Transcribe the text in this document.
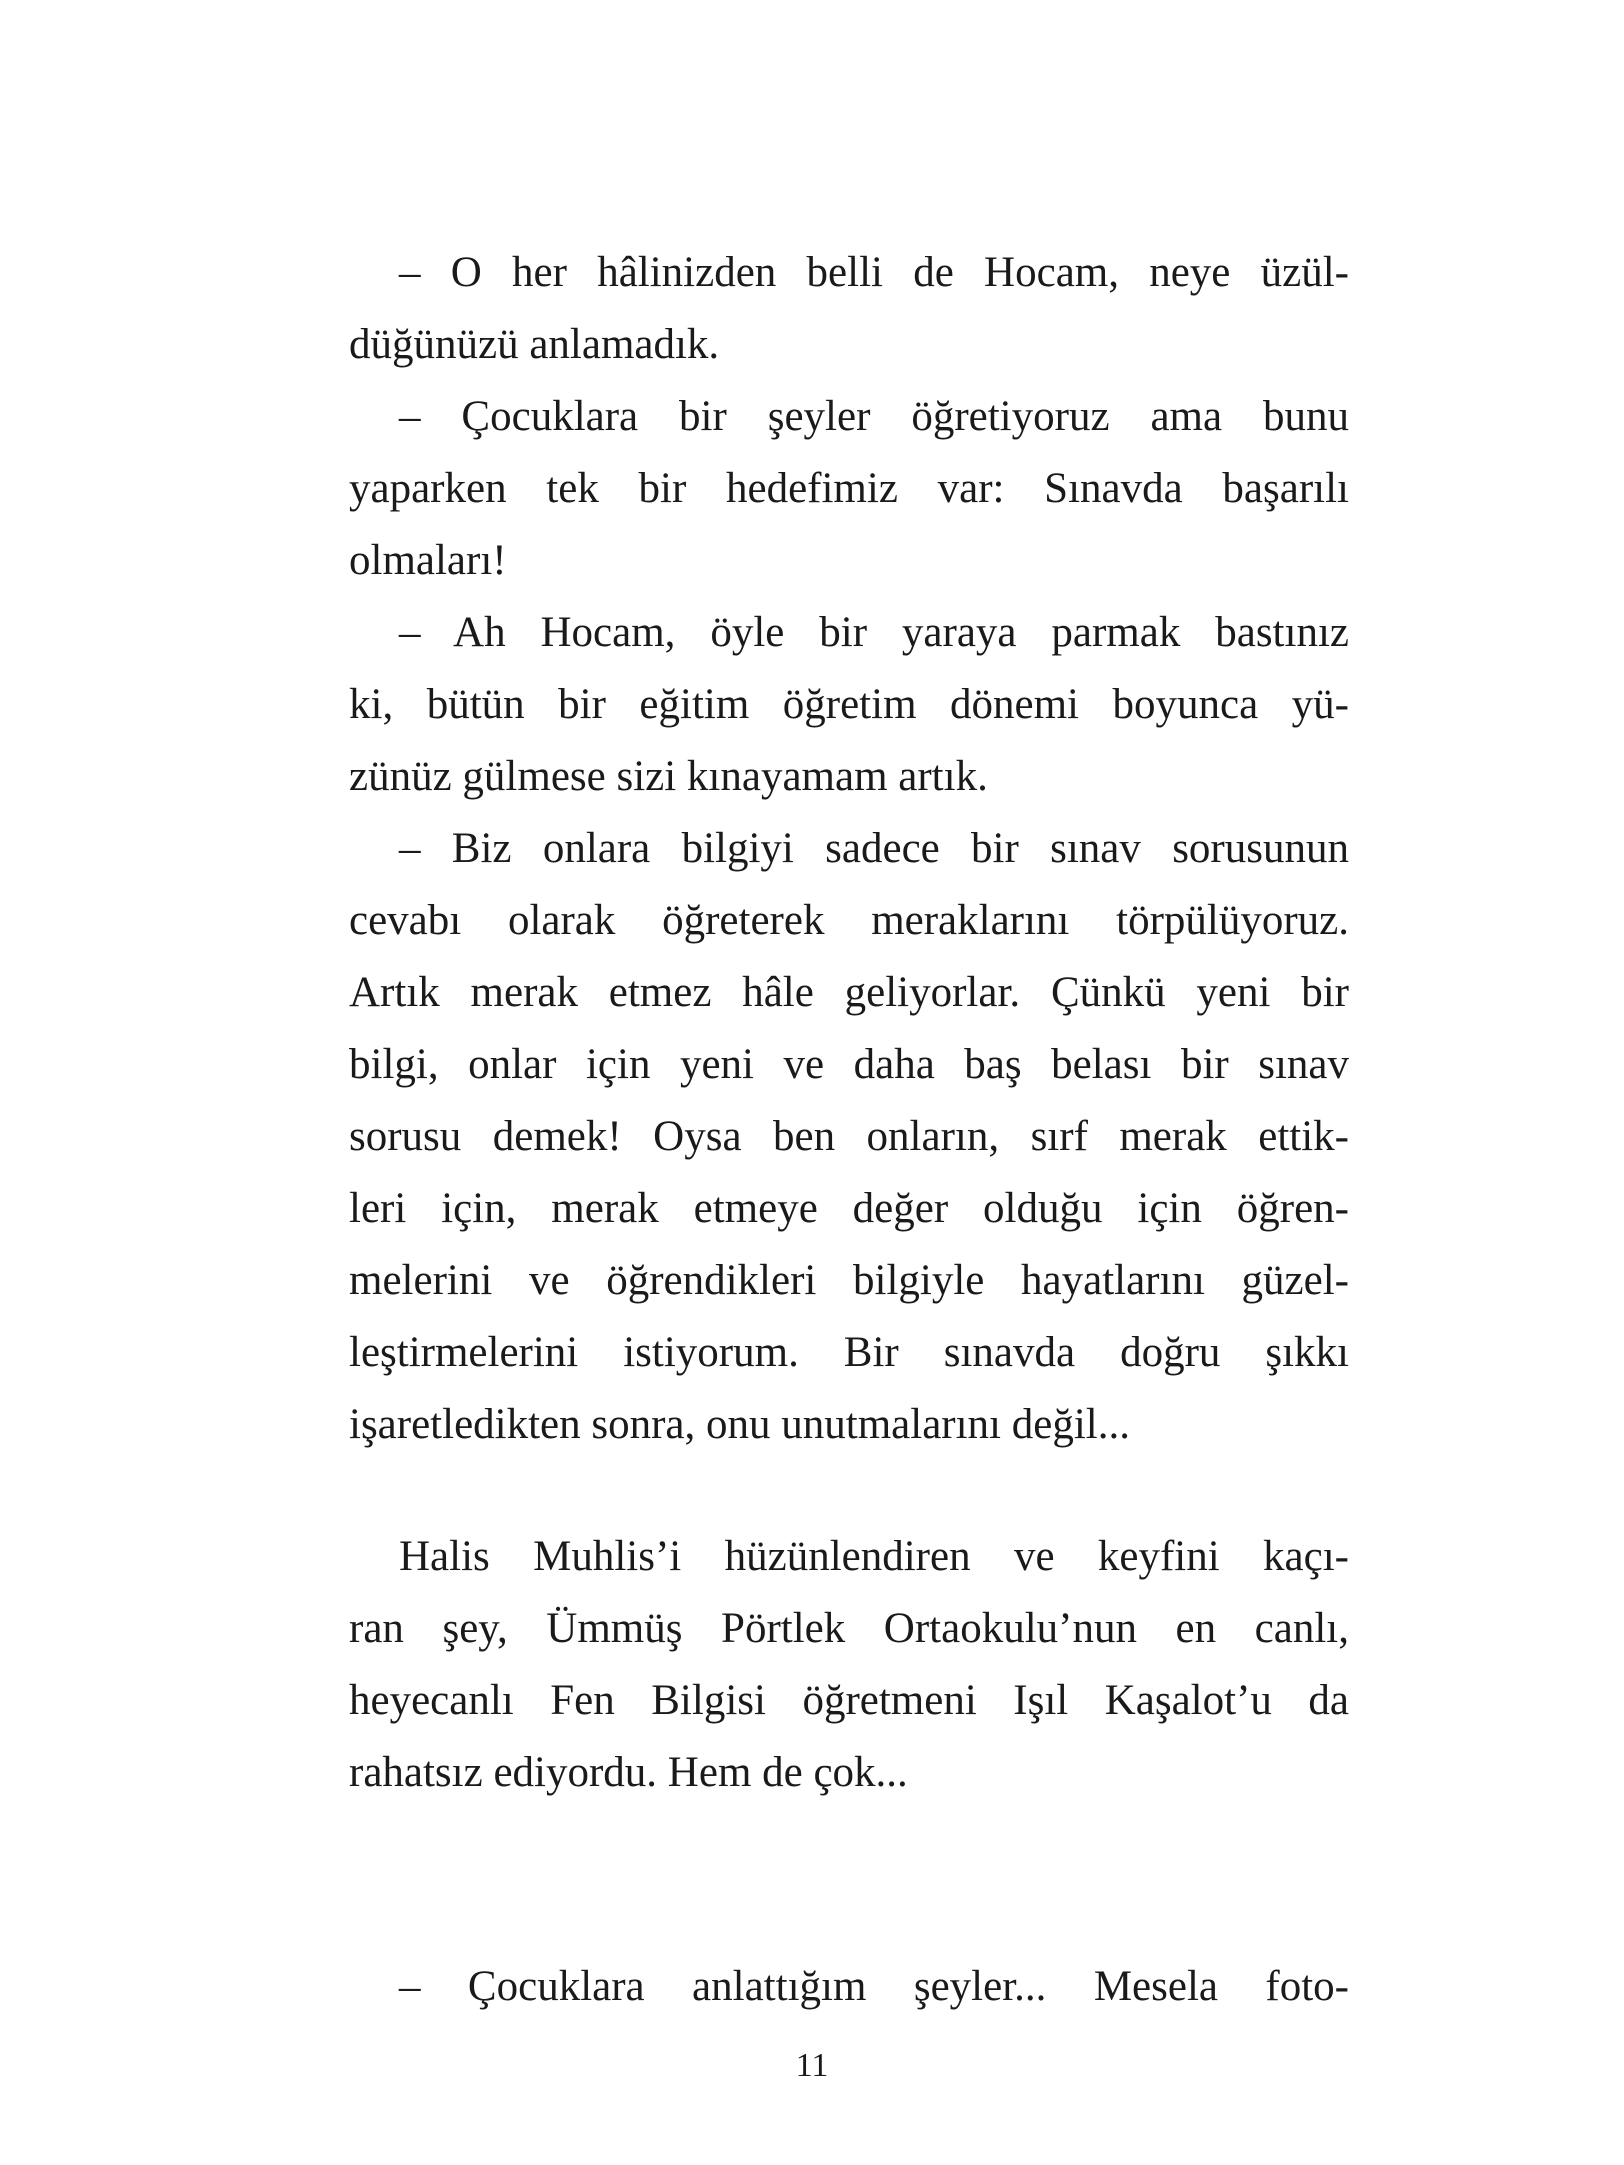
– O her hâlinizden belli de Hocam, neye üzül-
düğünüzü anlamadık.

– Çocuklara bir şeyler öğretiyoruz ama bunu
yaparken tek bir hedefimiz var: Sınavda başarılı
olmaları!

– Ah Hocam, öyle bir yaraya parmak bastınız
ki, bütün bir eğitim öğretim dönemi boyunca yü-
zünüz gülmese sizi kınayamam artık.

– Biz onlara bilgiyi sadece bir sınav sorusunun
cevabı olarak öğreterek meraklarını törpülüyoruz.
Artık merak etmez hâle geliyorlar. Çünkü yeni bir
bilgi, onlar için yeni ve daha baş belası bir sınav
sorusu demek! Oysa ben onların, sırf merak ettik-
leri için, merak etmeye değer olduğu için öğren-
melerini ve öğrendikleri bilgiyle hayatlarını güzel-
leştirmelerini istiyorum. Bir sınavda doğru şıkkı
işaretledikten sonra, onu unutmalarını değil...

Halis Muhlis’i hüzünlendiren ve keyfini kaçı-
ran şey, Ümmüş Pörtlek Ortaokulu’nun en canlı,
heyecanlı Fen Bilgisi öğretmeni Işıl Kaşalot’u da
rahatsız ediyordu. Hem de çok...

– Çocuklara anlattığım şeyler... Mesela foto-

11
